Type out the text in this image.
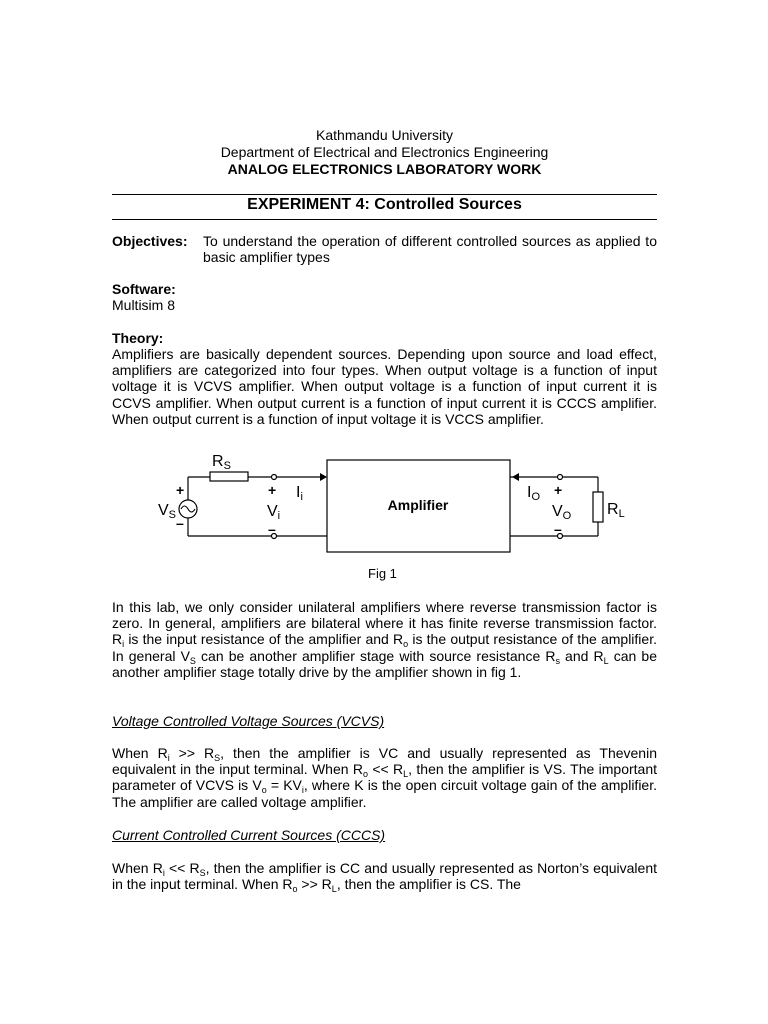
Kathmandu University
Department of Electrical and Electronics Engineering
ANALOG ELECTRONICS LABORATORY WORK
EXPERIMENT 4: Controlled Sources
Objectives: To understand the operation of different controlled sources as applied to basic amplifier types
Software:
Multisim 8
Theory:
Amplifiers are basically dependent sources. Depending upon source and load effect, amplifiers are categorized into four types. When output voltage is a function of input voltage it is VCVS amplifier. When output voltage is a function of input current it is CCVS amplifier. When output current is a function of input current it is CCCS amplifier. When output current is a function of input voltage it is VCCS amplifier.
Amplifier
RS
+
VS –
+
Vi
–
Ii	IO +
VO
–
RL
Fig 1
In this lab, we only consider unilateral amplifiers where reverse transmission factor is zero. In general, amplifiers are bilateral where it has finite reverse transmission factor. $R_i$ is the input resistance of the amplifier and $R_o$ is the output resistance of the amplifier. In general $V_S$ can be another amplifier stage with source resistance $R_s$ and $R_L$ can be another amplifier stage totally drive by the amplifier shown in fig 1.
Voltage Controlled Voltage Sources (VCVS)
When $R_i >> R_S$, then the amplifier is VC and usually represented as Thevenin equivalent in the input terminal. When $R_o << R_L$, then the amplifier is VS. The important parameter of VCVS is $V_o = KV_i$, where K is the open circuit voltage gain of the amplifier. The amplifier are called voltage amplifier.
Current Controlled Current Sources (CCCS)
When $R_i << R_S$, then the amplifier is CC and usually represented as Norton’s equivalent in the input terminal. When $R_o >> R_L$, then the amplifier is CS. The
